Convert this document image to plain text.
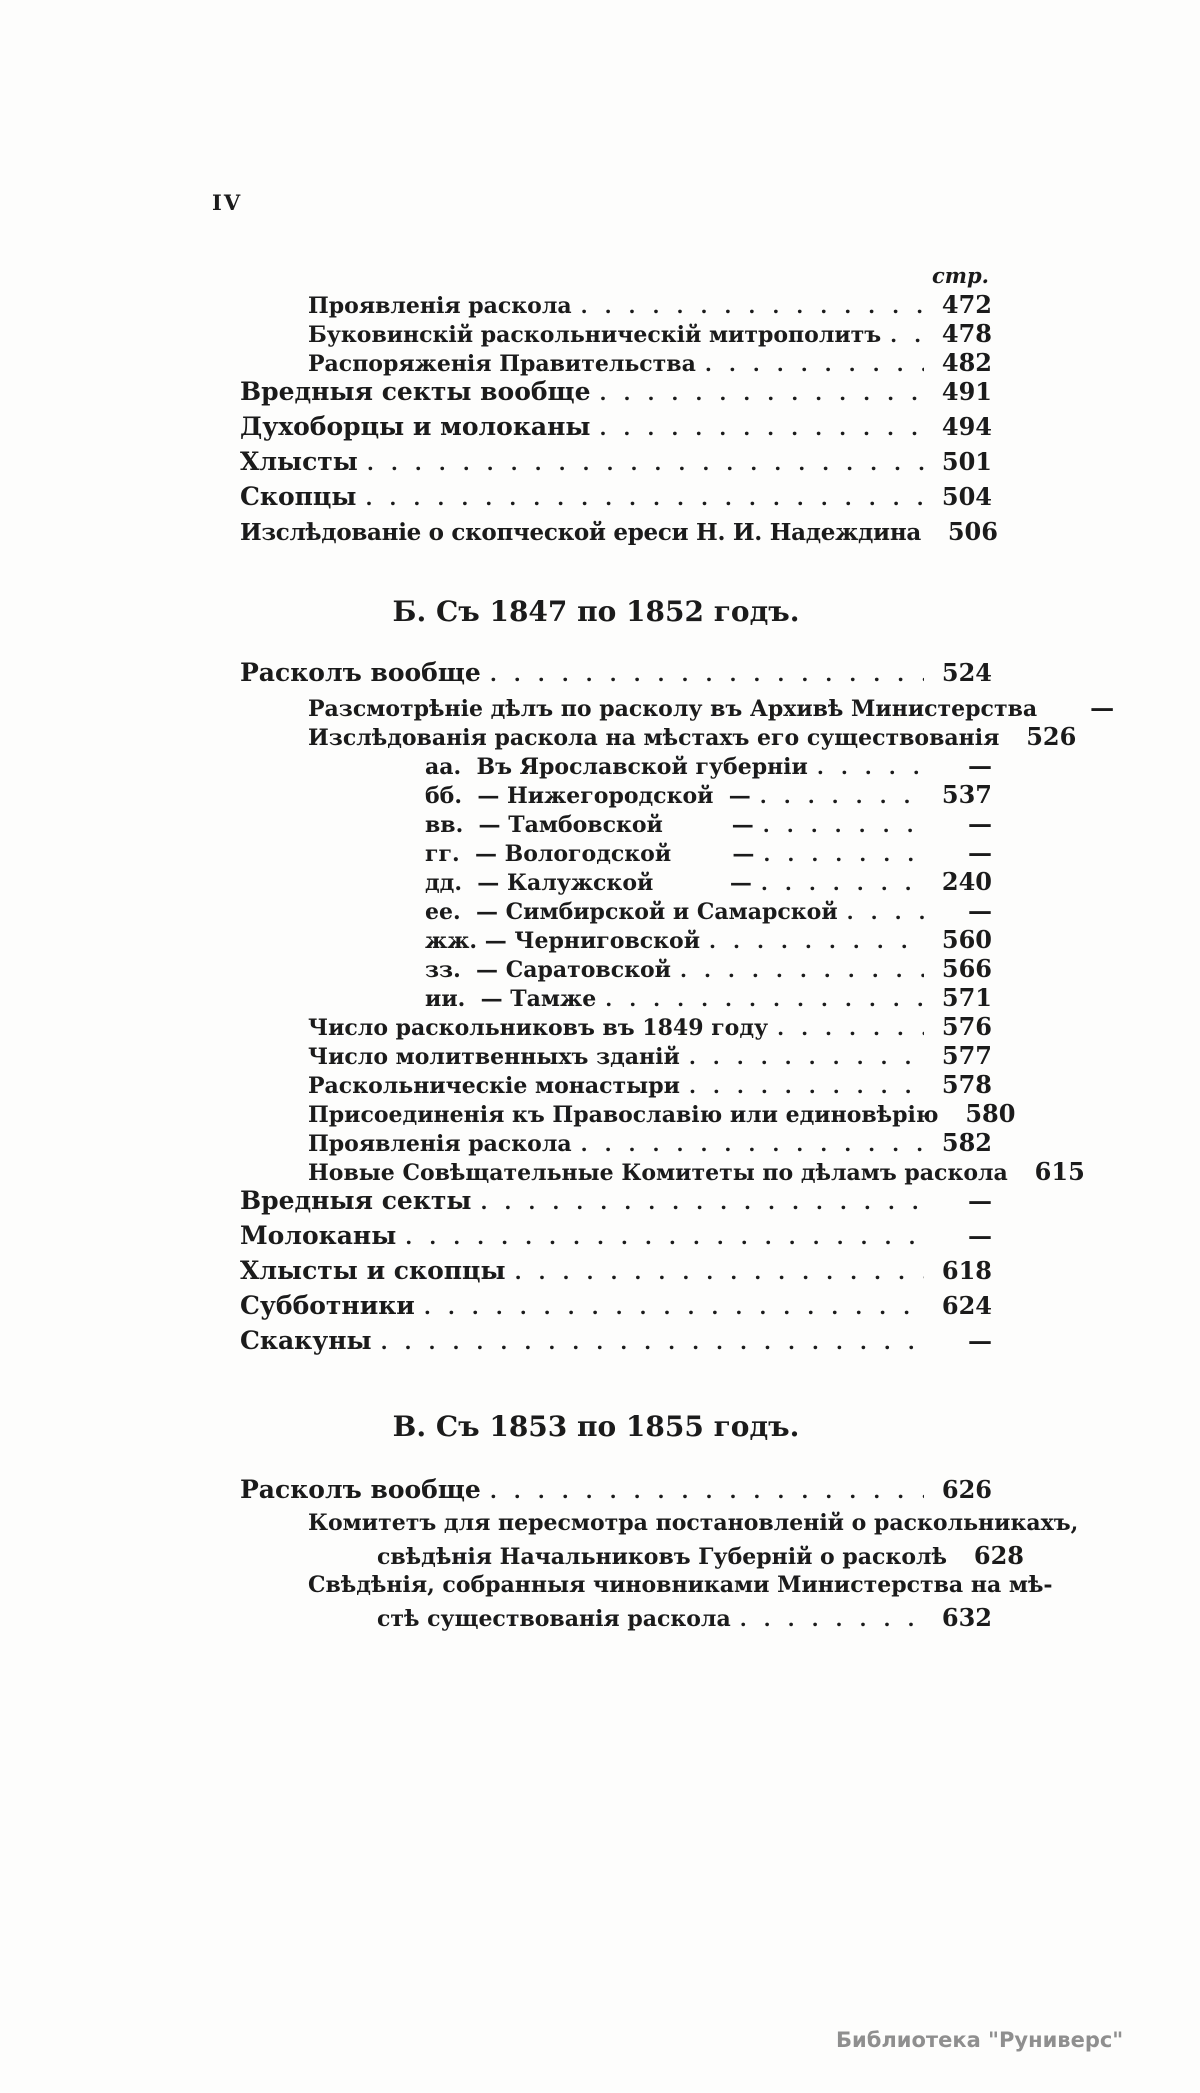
IV
стр.
Проявленія раскола .....	472
Буковинскій раскольническій митрополитъ .....	478
Распоряженія Правительства .....	482
Вредныя секты вообще .....	491
Духоборцы и молоканы .....	494
Хлысты .....	501
Скопцы .....	504
Изслѣдованіе о скопческой ереси Н. И. Надеждина .....	506
Б. Съ 1847 по 1852 годъ.
Расколъ вообще .....	524
Разсмотрѣніе дѣлъ по расколу въ Архивѣ Министерства	—
Изслѣдованія раскола на мѣстахъ его существованія .....	526
аа.  Въ Ярославской губерніи .....	—
бб.  — Нижегородской  — .....	537
вв.  — Тамбовской         — .....	—
гг.  — Вологодской        — .....	—
дд.  — Калужской          — .....	240
ее.  — Симбирской и Самарской .....	—
жж. — Черниговской .....	560
зз.  — Саратовской .....	566
ии.  — Тамже .....	571
Число раскольниковъ въ 1849 году .....	576
Число молитвенныхъ зданій .....	577
Раскольническіе монастыри .....	578
Присоединенія къ Православію или единовѣрію .....	580
Проявленія раскола .....	582
Новые Совѣщательные Комитеты по дѣламъ раскола .....	615
Вредныя секты .....	—
Молоканы .....	—
Хлысты и скопцы .....	618
Субботники .....	624
Скакуны .....	—
В. Съ 1853 по 1855 годъ.
Расколъ вообще .....	626
Комитетъ для пересмотра постановленій о раскольникахъ,
свѣдѣнія Начальниковъ Губерній о расколѣ .....	628
Свѣдѣнія, собранныя чиновниками Министерства на мѣ-
стѣ существованія раскола .....	632
Библиотека "Руниверс"
